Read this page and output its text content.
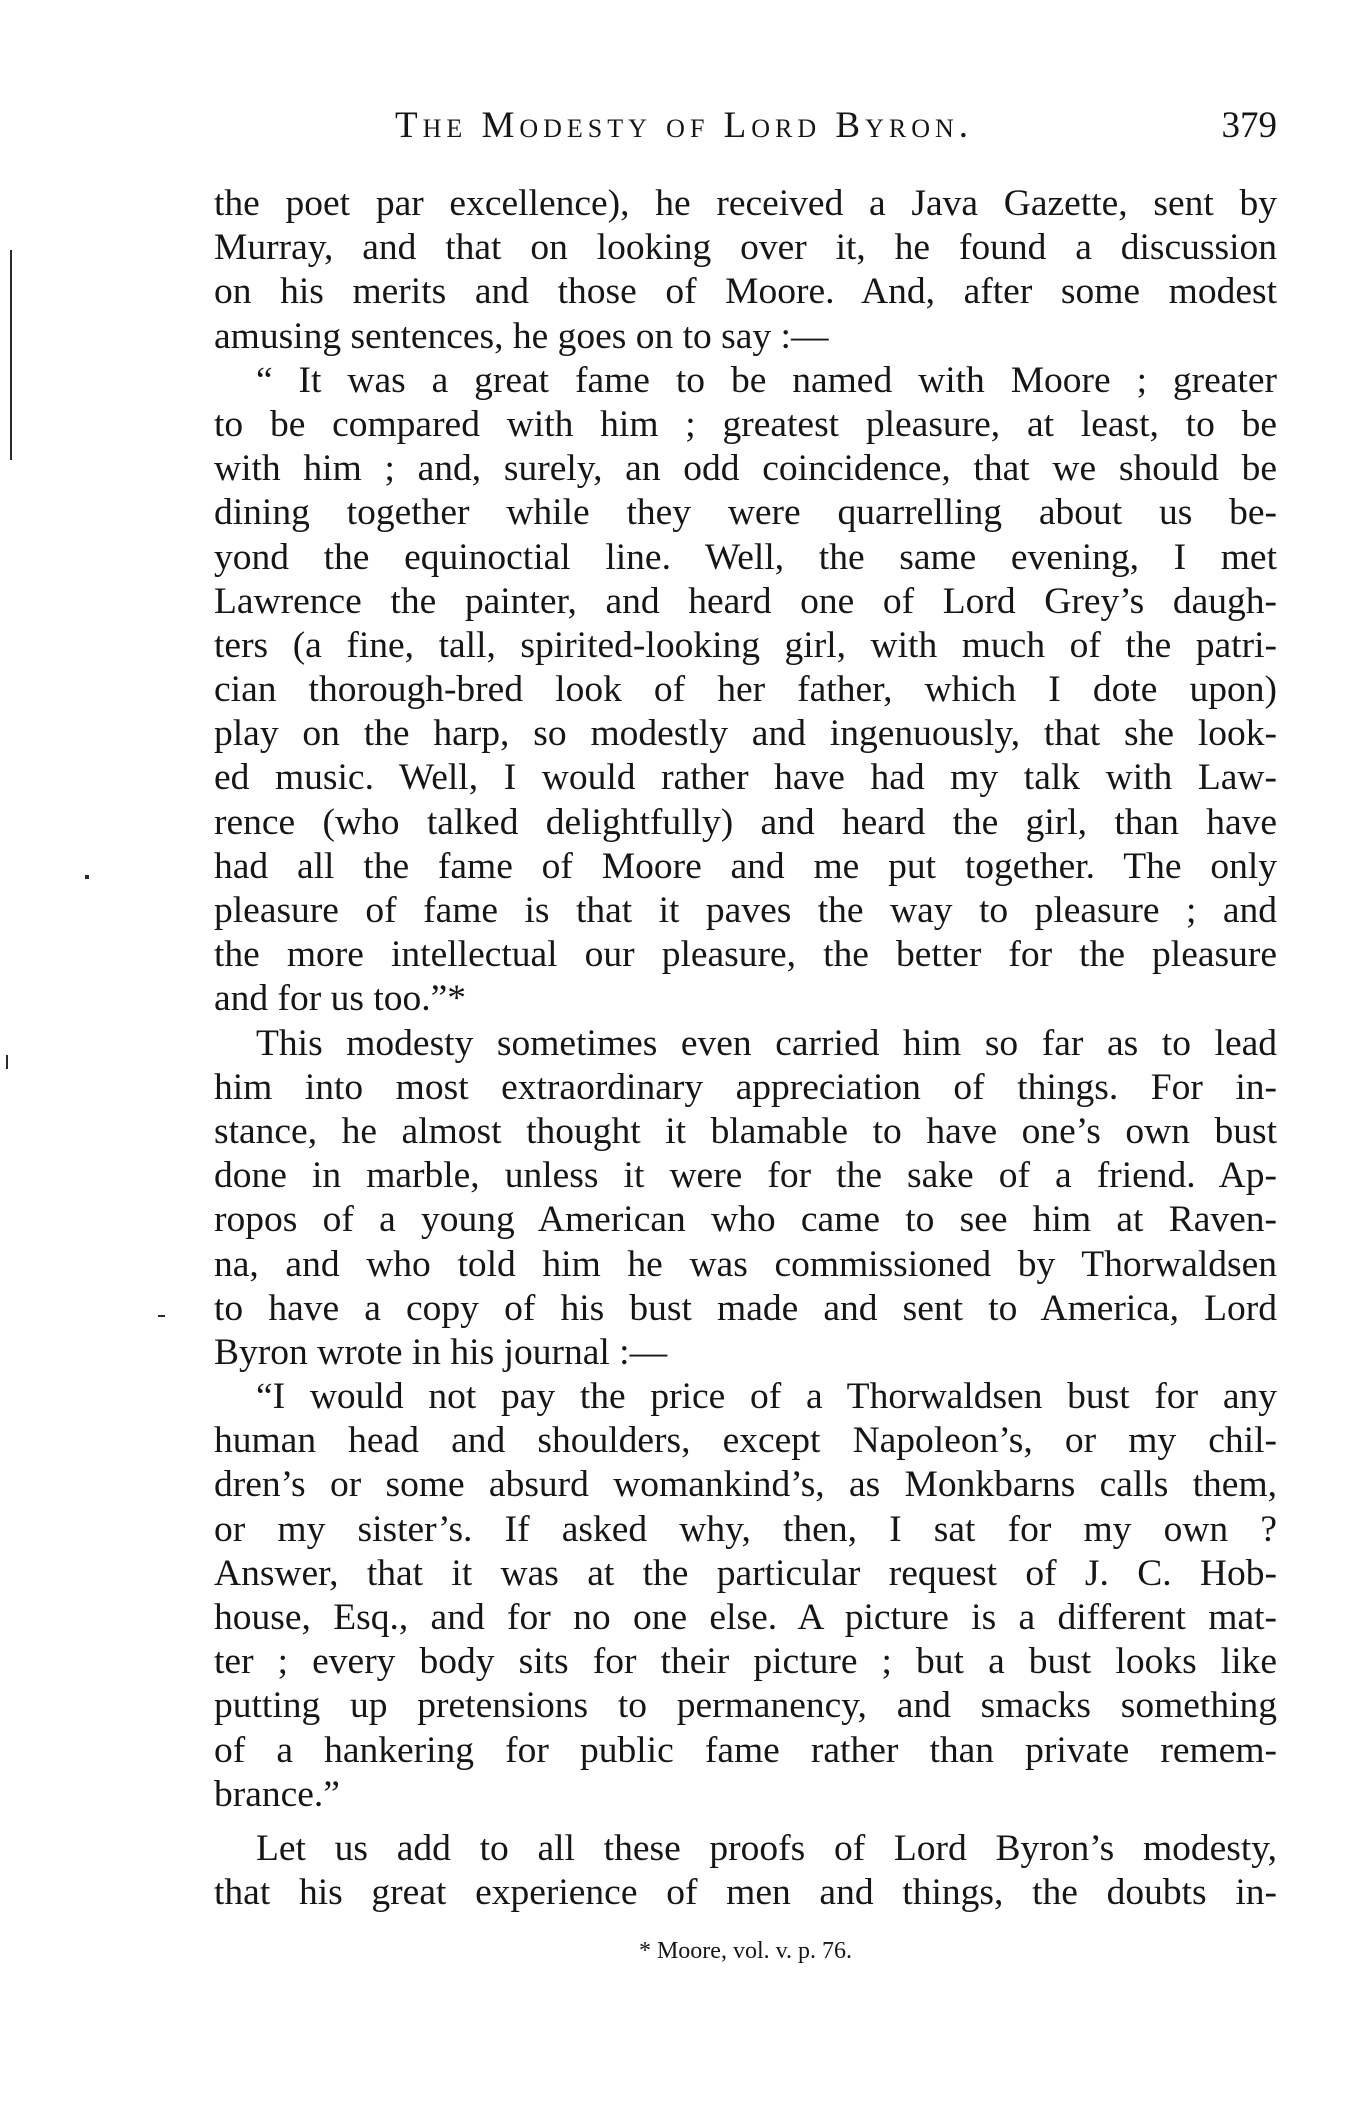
The Modesty of Lord Byron.	379
the poet par excellence), he received a Java Gazette, sent by
Murray, and that on looking over it, he found a discussion
on his merits and those of Moore. And, after some modest
amusing sentences, he goes on to say :—
“ It was a great fame to be named with Moore ; greater
to be compared with him ; greatest pleasure, at least, to be
with him ; and, surely, an odd coincidence, that we should be
dining together while they were quarrelling about us be-
yond the equinoctial line. Well, the same evening, I met
Lawrence the painter, and heard one of Lord Grey’s daugh-
ters (a fine, tall, spirited-looking girl, with much of the patri-
cian thorough-bred look of her father, which I dote upon)
play on the harp, so modestly and ingenuously, that she look-
ed music. Well, I would rather have had my talk with Law-
rence (who talked delightfully) and heard the girl, than have
had all the fame of Moore and me put together. The only
pleasure of fame is that it paves the way to pleasure ; and
the more intellectual our pleasure, the better for the pleasure
and for us too.”*
This modesty sometimes even carried him so far as to lead
him into most extraordinary appreciation of things. For in-
stance, he almost thought it blamable to have one’s own bust
done in marble, unless it were for the sake of a friend. Ap-
ropos of a young American who came to see him at Raven-
na, and who told him he was commissioned by Thorwaldsen
to have a copy of his bust made and sent to America, Lord
Byron wrote in his journal :—
“I would not pay the price of a Thorwaldsen bust for any
human head and shoulders, except Napoleon’s, or my chil-
dren’s or some absurd womankind’s, as Monkbarns calls them,
or my sister’s. If asked why, then, I sat for my own ?
Answer, that it was at the particular request of J. C. Hob-
house, Esq., and for no one else. A picture is a different mat-
ter ; every body sits for their picture ; but a bust looks like
putting up pretensions to permanency, and smacks something
of a hankering for public fame rather than private remem-
brance.”
Let us add to all these proofs of Lord Byron’s modesty,
that his great experience of men and things, the doubts in-
* Moore, vol. v. p. 76.
